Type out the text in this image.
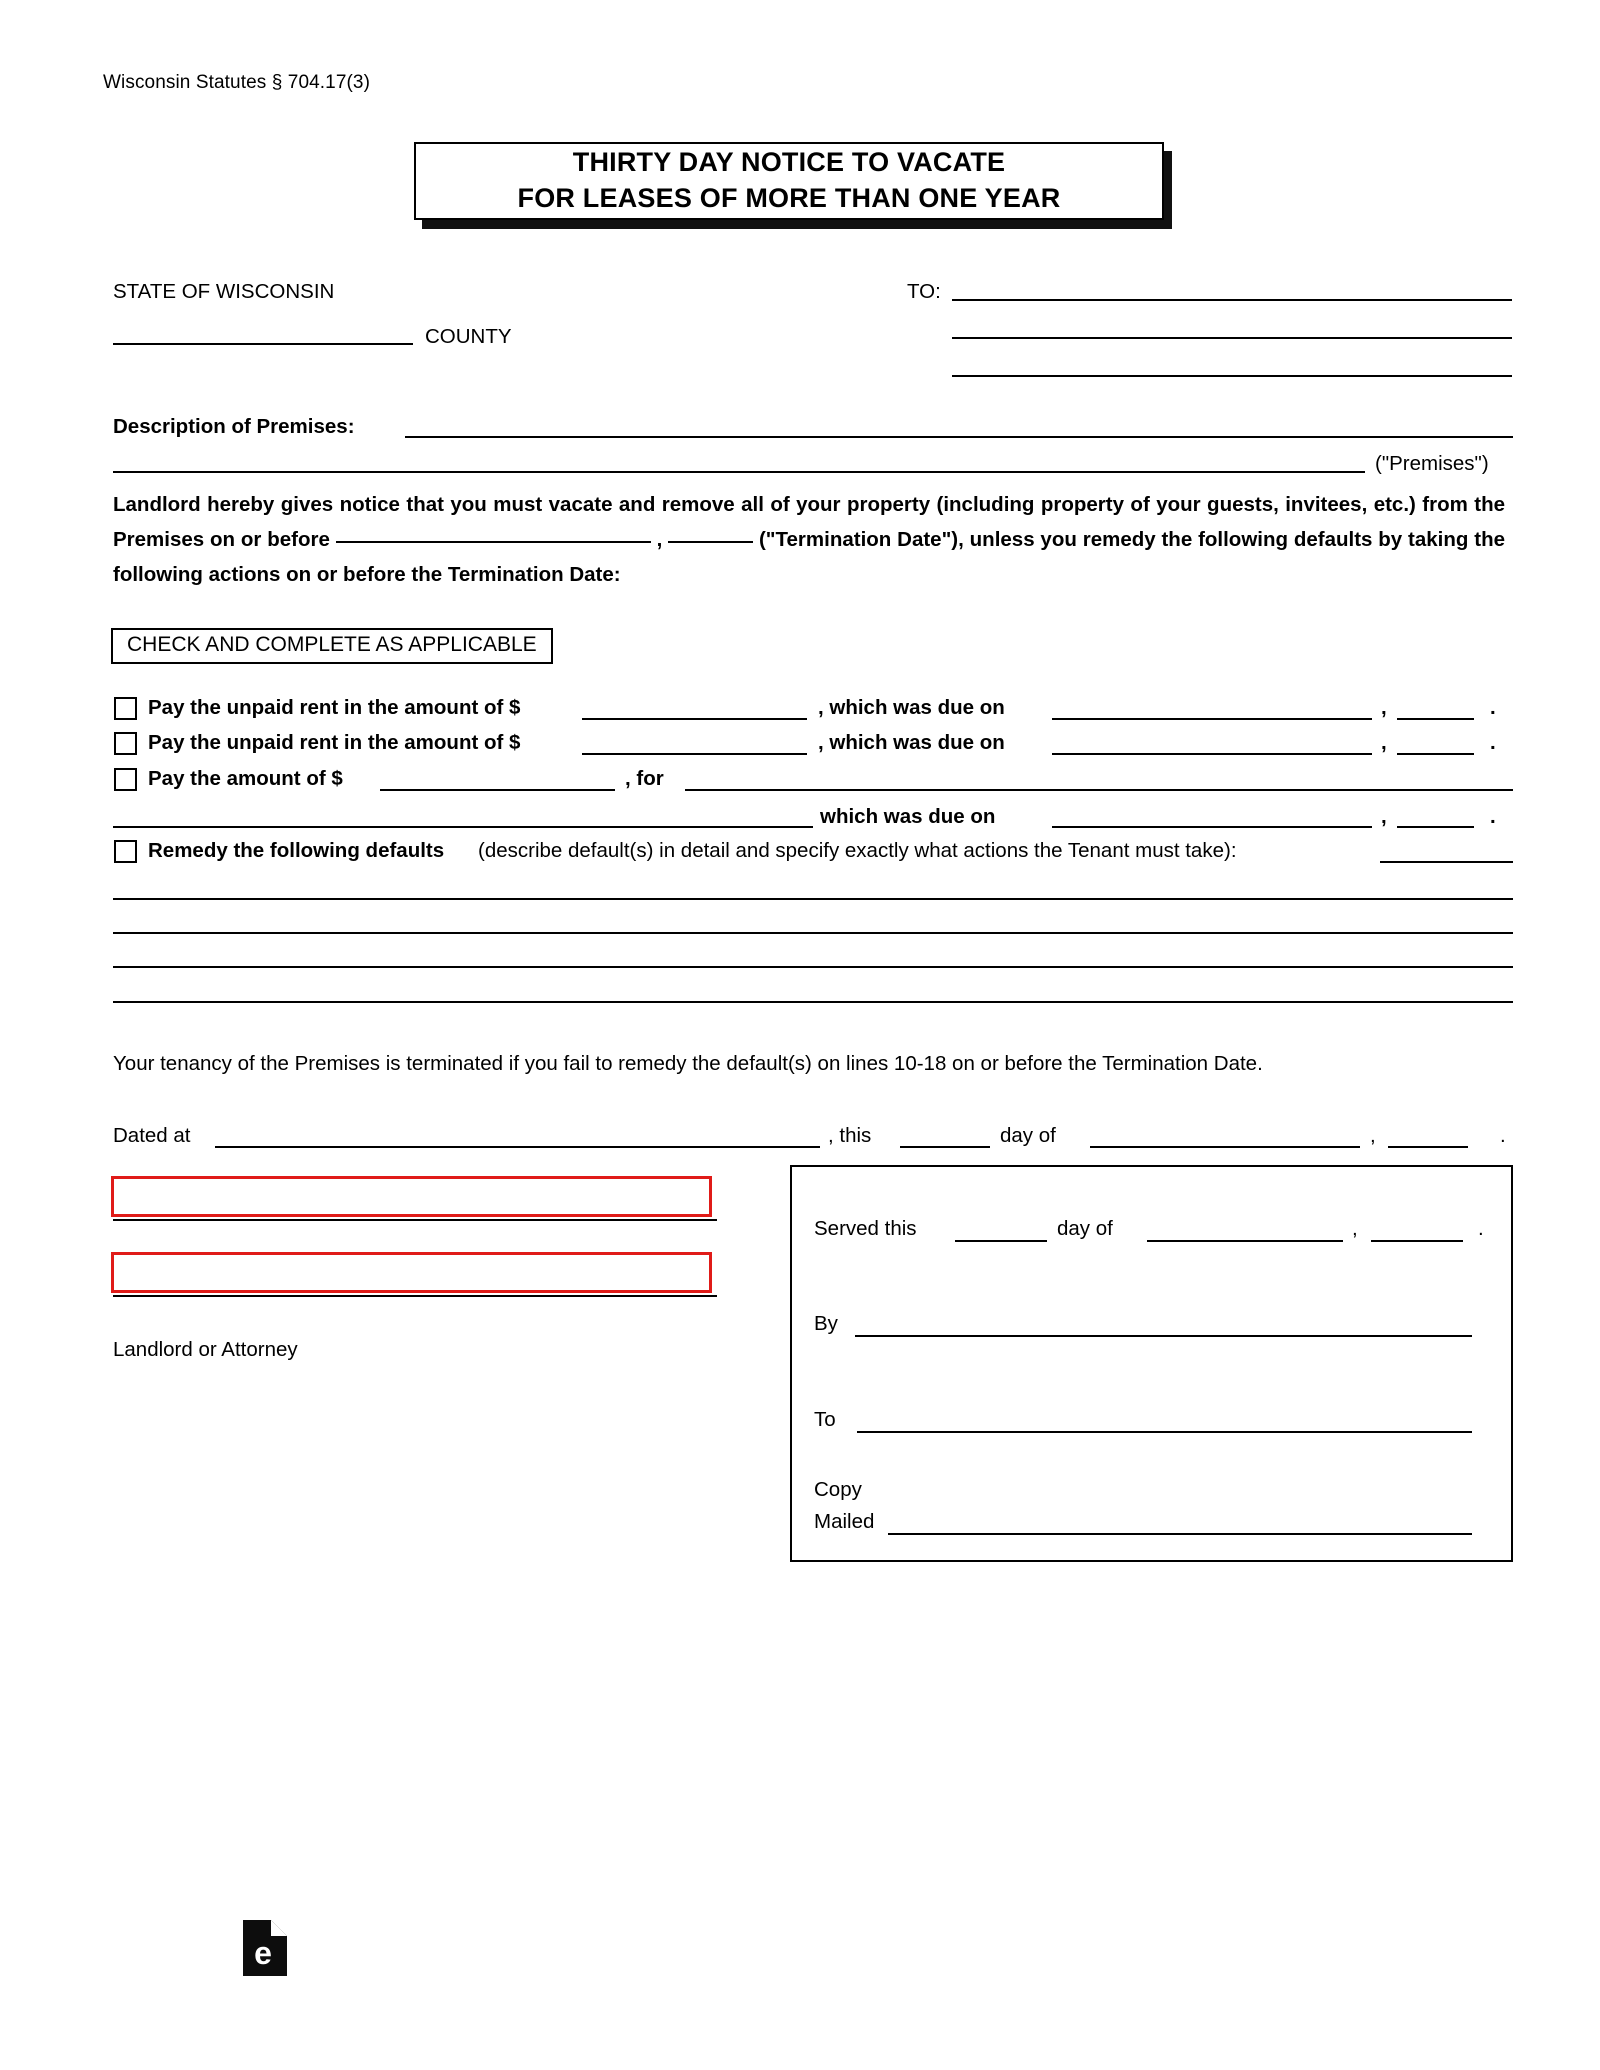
Wisconsin Statutes § 704.17(3)
THIRTY DAY NOTICE TO VACATE
FOR LEASES OF MORE THAN ONE YEAR
STATE OF WISCONSIN
COUNTY
TO:
Description of Premises:
("Premises")
Landlord hereby gives notice that you must vacate and remove all of your property (including property of your guests, invitees, etc.) from the Premises on or before	,	("Termination Date"), unless you remedy the following defaults by taking the following actions on or before the Termination Date:
CHECK AND COMPLETE AS APPLICABLE
Pay the unpaid rent in the amount of $	, which was due on	,	.
Pay the unpaid rent in the amount of $	, which was due on	,	.
Pay the amount of $	, for
which was due on	,	.
Remedy the following defaults (describe default(s) in detail and specify exactly what actions the Tenant must take):
Your tenancy of the Premises is terminated if you fail to remedy the default(s) on lines 10-18 on or before the Termination Date.
Dated at	, this	day of	,	.
Landlord or Attorney
Served this	day of	,	.
By
To
Copy
Mailed
e
